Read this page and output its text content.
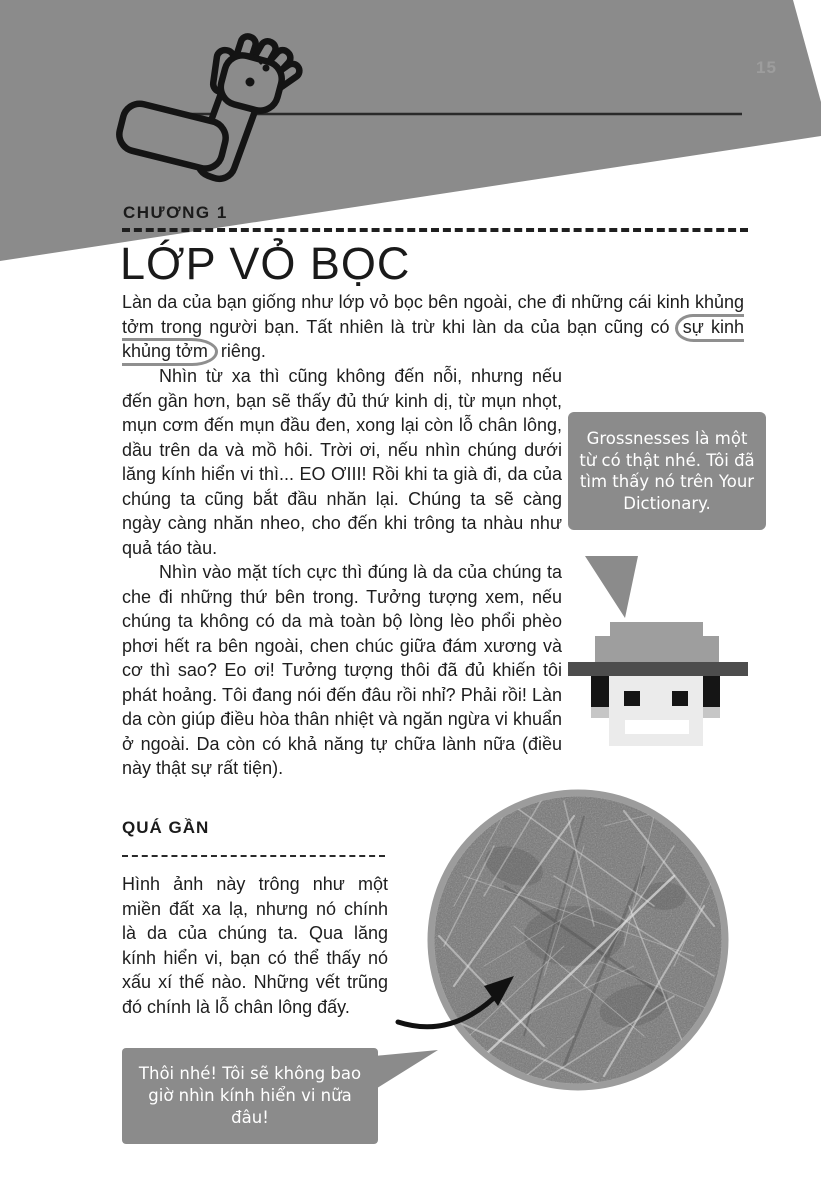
15
CHƯƠNG 1
LỚP VỎ BỌC

Làn da của bạn giống như lớp vỏ bọc bên ngoài, che đi những cái kinh khủng tởm trong người bạn. Tất nhiên là trừ khi làn da của bạn cũng có sự kinh khủng tởm riêng.

Nhìn từ xa thì cũng không đến nỗi, nhưng nếu đến gần hơn, bạn sẽ thấy đủ thứ kinh dị, từ mụn nhọt, mụn cơm đến mụn đầu đen, xong lại còn lỗ chân lông, dầu trên da và mồ hôi. Trời ơi, nếu nhìn chúng dưới lăng kính hiển vi thì... EO ƠIII! Rồi khi ta già đi, da của chúng ta cũng bắt đầu nhăn lại. Chúng ta sẽ càng ngày càng nhăn nheo, cho đến khi trông ta nhàu như quả táo tàu.

Nhìn vào mặt tích cực thì đúng là da của chúng ta che đi những thứ bên trong. Tưởng tượng xem, nếu chúng ta không có da mà toàn bộ lòng lèo phổi phèo phơi hết ra bên ngoài, chen chúc giữa đám xương và cơ thì sao? Eo ơi! Tưởng tượng thôi đã đủ khiến tôi phát hoảng. Tôi đang nói đến đâu rồi nhỉ? Phải rồi! Làn da còn giúp điều hòa thân nhiệt và ngăn ngừa vi khuẩn ở ngoài. Da còn có khả năng tự chữa lành nữa (điều này thật sự rất tiện).

Grossnesses là một từ có thật nhé. Tôi đã tìm thấy nó trên Your Dictionary.
QUÁ GẦN

Hình ảnh này trông như một miền đất xa lạ, nhưng nó chính là da của chúng ta. Qua lăng kính hiển vi, bạn có thể thấy nó xấu xí thế nào. Những vết trũng đó chính là lỗ chân lông đấy.

Thôi nhé! Tôi sẽ không bao giờ nhìn kính hiển vi nữa đâu!
